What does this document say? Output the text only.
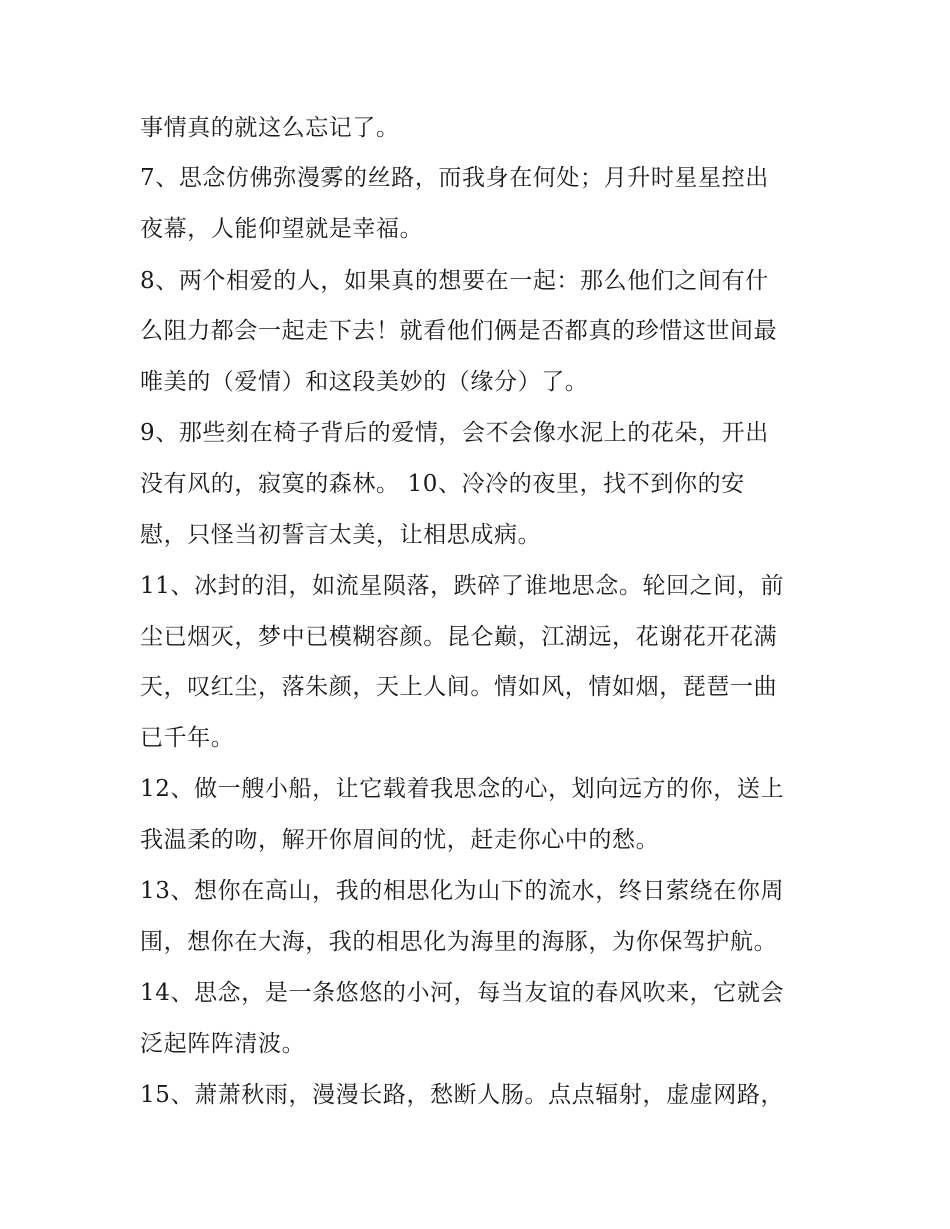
事情真的就这么忘记了。
7、思念仿佛弥漫雾的丝路，而我身在何处；月升时星星控出
夜幕，人能仰望就是幸福。
8、两个相爱的人，如果真的想要在一起：那么他们之间有什
么阻力都会一起走下去！就看他们俩是否都真的珍惜这世间最
唯美的（爱情）和这段美妙的（缘分）了。
9、那些刻在椅子背后的爱情，会不会像水泥上的花朵，开出
没有风的，寂寞的森林。 10、冷冷的夜里，找不到你的安
慰，只怪当初誓言太美，让相思成病。
11、冰封的泪，如流星陨落，跌碎了谁地思念。轮回之间，前
尘已烟灭，梦中已模糊容颜。昆仑巅，江湖远，花谢花开花满
天，叹红尘，落朱颜，天上人间。情如风，情如烟，琵琶一曲
已千年。
12、做一艘小船，让它载着我思念的心，划向远方的你，送上
我温柔的吻，解开你眉间的忧，赶走你心中的愁。
13、想你在高山，我的相思化为山下的流水，终日萦绕在你周
围，想你在大海，我的相思化为海里的海豚，为你保驾护航。
14、思念，是一条悠悠的小河，每当友谊的春风吹来，它就会
泛起阵阵清波。
15、萧萧秋雨，漫漫长路，愁断人肠。点点辐射，虚虚网路，
